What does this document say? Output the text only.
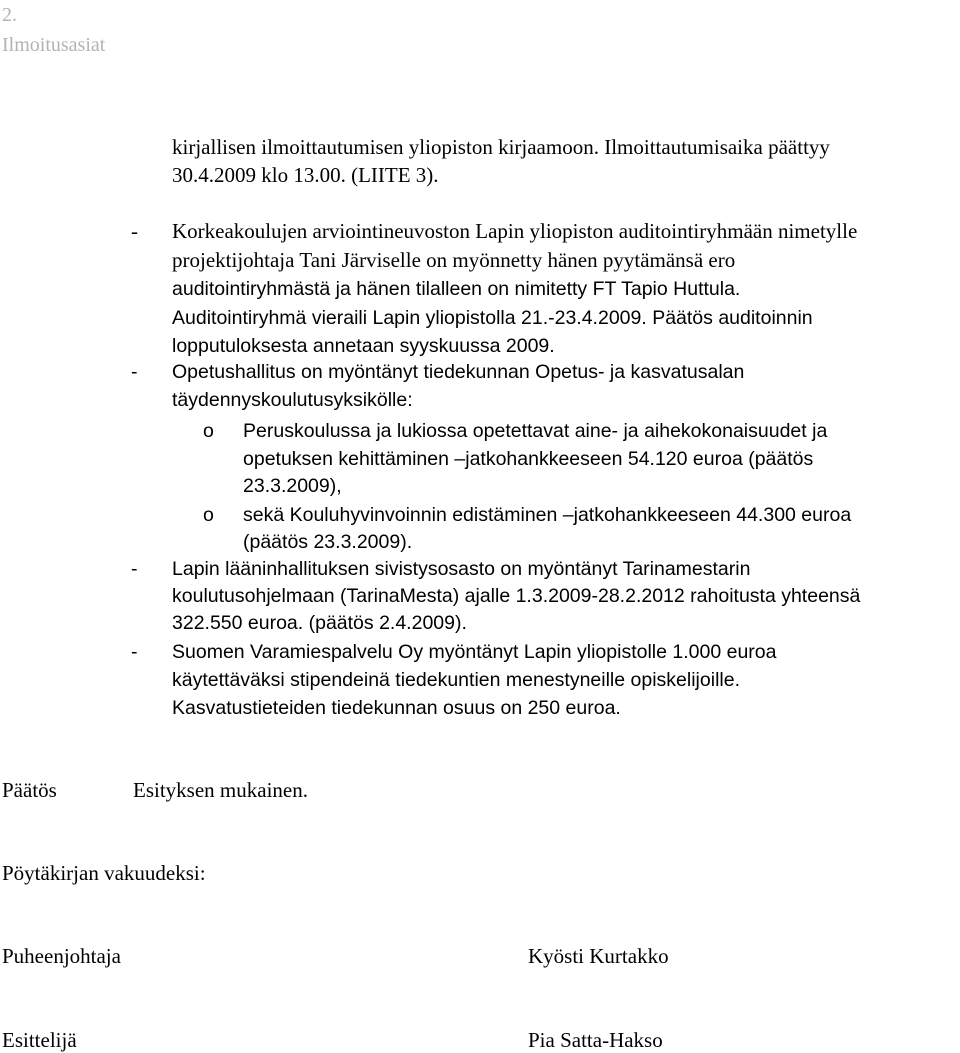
2.
Ilmoitusasiat
kirjallisen ilmoittautumisen yliopiston kirjaamoon. Ilmoittautumisaika päättyy
30.4.2009 klo 13.00. (LIITE 3).
- Korkeakoulujen arviointineuvoston Lapin yliopiston auditointiryhmään nimetylle
projektijohtaja Tani Järviselle on myönnetty hänen pyytämänsä ero
auditointiryhmästä ja hänen tilalleen on nimitetty FT Tapio Huttula.
Auditointiryhmä vieraili Lapin yliopistolla 21.-23.4.2009. Päätös auditoinnin
lopputuloksesta annetaan syyskuussa 2009.
- Opetushallitus on myöntänyt tiedekunnan Opetus- ja kasvatusalan
täydennyskoulutusyksikölle:
o Peruskoulussa ja lukiossa opetettavat aine- ja aihekokonaisuudet ja
opetuksen kehittäminen –jatkohankkeeseen 54.120 euroa (päätös
23.3.2009),
o sekä Kouluhyvinvoinnin edistäminen –jatkohankkeeseen 44.300 euroa
(päätös 23.3.2009).
- Lapin lääninhallituksen sivistysosasto on myöntänyt Tarinamestarin
koulutusohjelmaan (TarinaMesta) ajalle 1.3.2009-28.2.2012 rahoitusta yhteensä
322.550 euroa. (päätös 2.4.2009).
- Suomen Varamiespalvelu Oy myöntänyt Lapin yliopistolle 1.000 euroa
käytettäväksi stipendeinä tiedekuntien menestyneille opiskelijoille.
Kasvatustieteiden tiedekunnan osuus on 250 euroa.
Päätös	Esityksen mukainen.
Pöytäkirjan vakuudeksi:
Puheenjohtaja	Kyösti Kurtakko
Esittelijä	Pia Satta-Hakso
